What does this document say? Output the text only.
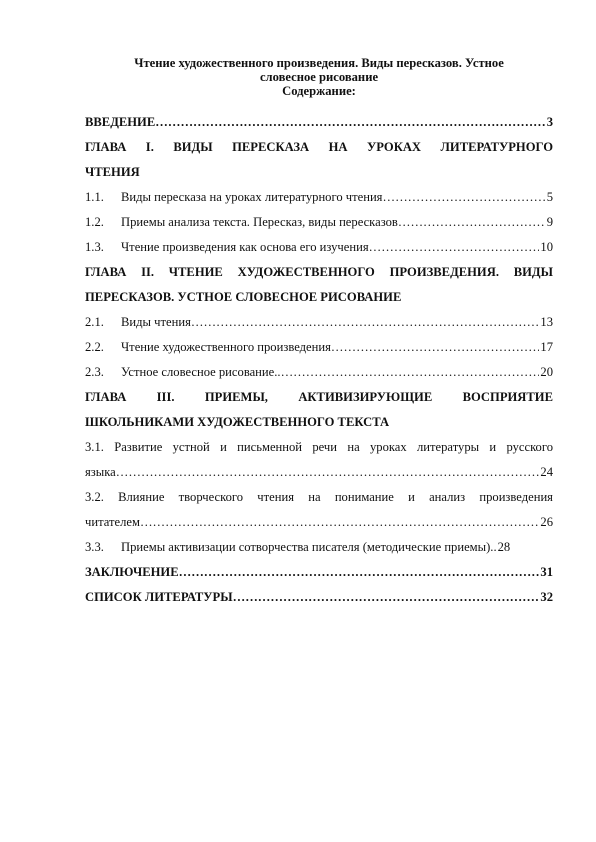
Чтение художественного произведения. Виды пересказов. Устное
словесное рисование
Содержание:
ВВЕДЕНИЕ …………………………………………………………………………………………………………………………………………………	3
ГЛАВА I. ВИДЫ ПЕРЕСКАЗА НА УРОКАХ ЛИТЕРАТУРНОГО
ЧТЕНИЯ
1.1.	Виды пересказа на уроках литературного чтения …………………………………………………………………………………………………………………………………………………	5
1.2.	Приемы анализа текста. Пересказ, виды пересказов …………………………………………………………………………………………………………………………………………………	9
1.3.	Чтение произведения как основа его изучения …………………………………………………………………………………………………………………………………………………	10
ГЛАВА II. ЧТЕНИЕ ХУДОЖЕСТВЕННОГО ПРОИЗВЕДЕНИЯ. ВИДЫ
ПЕРЕСКАЗОВ. УСТНОЕ СЛОВЕСНОЕ РИСОВАНИЕ
2.1.	Виды чтения …………………………………………………………………………………………………………………………………………………	13
2.2.	Чтение художественного произведения …………………………………………………………………………………………………………………………………………………	17
2.3.	Устное словесное рисование.. …………………………………………………………………………………………………………………………………………………	20
ГЛАВА III. ПРИЕМЫ, АКТИВИЗИРУЮЩИЕ ВОСПРИЯТИЕ
ШКОЛЬНИКАМИ ХУДОЖЕСТВЕННОГО ТЕКСТА
3.1. Развитие устной и письменной речи на уроках литературы и русского
языка …………………………………………………………………………………………………………………………………………………	24
3.2. Влияние творческого чтения на понимание и анализ произведения
читателем …………………………………………………………………………………………………………………………………………………	26
3.3.	Приемы активизации сотворчества писателя (методические приемы).. 28
ЗАКЛЮЧЕНИЕ …………………………………………………………………………………………………………………………………………………	31
СПИСОК ЛИТЕРАТУРЫ …………………………………………………………………………………………………………………………………………………	32
